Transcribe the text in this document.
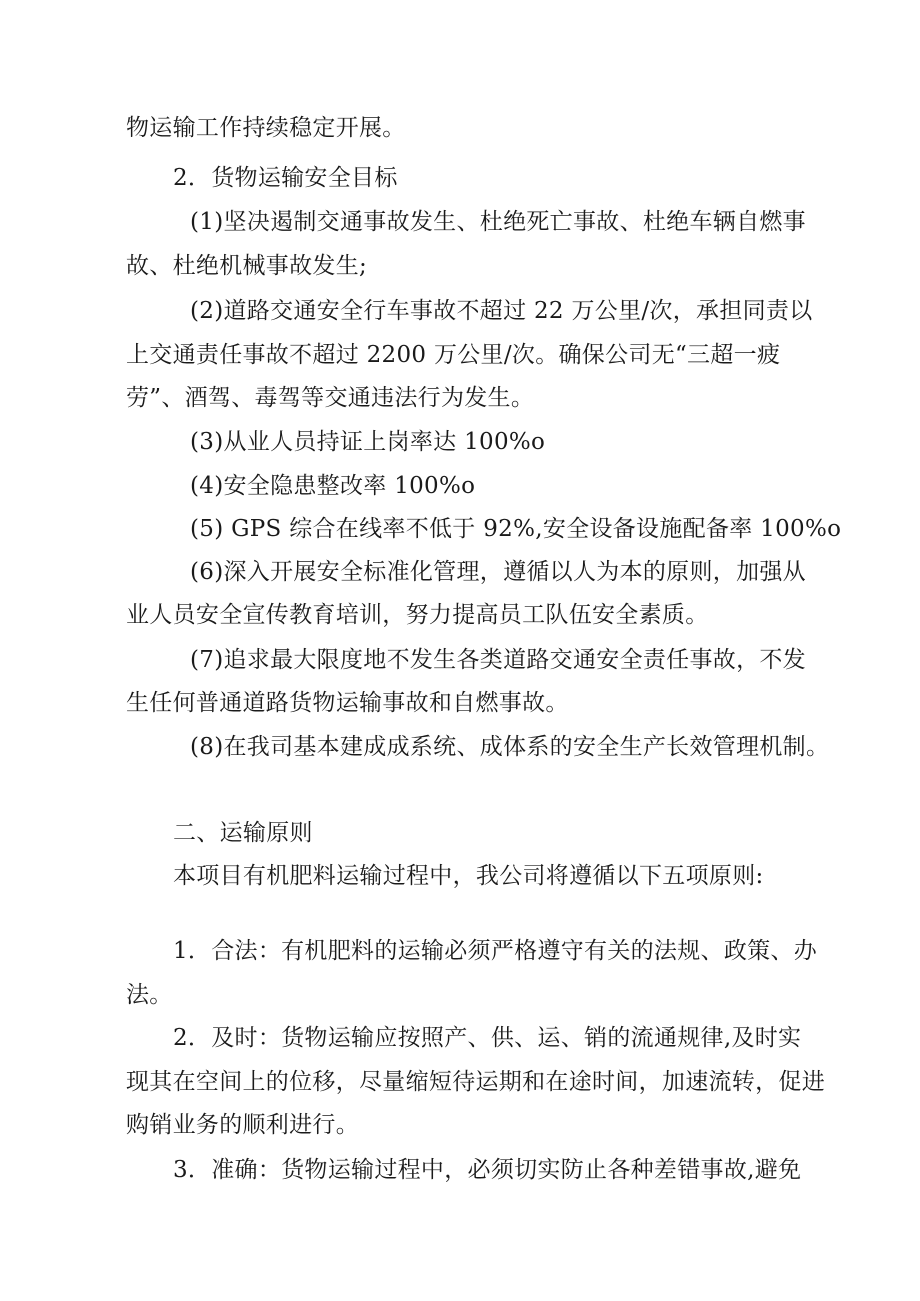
物运输工作持续稳定开展。
2．货物运输安全目标
(1)坚决遏制交通事故发生、杜绝死亡事故、杜绝车辆自燃事
故、杜绝机械事故发生;
(2)道路交通安全行车事故不超过 22 万公里/次，承担同责以
上交通责任事故不超过 2200 万公里/次。确保公司无“三超一疲
劳”、酒驾、毒驾等交通违法行为发生。
(3)从业人员持证上岗率达 100%o
(4)安全隐患整改率 100%o
(5) GPS 综合在线率不低于 92%,安全设备设施配备率 100%o
(6)深入开展安全标准化管理，遵循以人为本的原则，加强从
业人员安全宣传教育培训，努力提高员工队伍安全素质。
(7)追求最大限度地不发生各类道路交通安全责任事故，不发
生任何普通道路货物运输事故和自燃事故。
(8)在我司基本建成成系统、成体系的安全生产长效管理机制。
二、运输原则
本项目有机肥料运输过程中，我公司将遵循以下五项原则:
1．合法：有机肥料的运输必须严格遵守有关的法规、政策、办
法。
2．及时：货物运输应按照产、供、运、销的流通规律,及时实
现其在空间上的位移，尽量缩短待运期和在途时间，加速流转，促进
购销业务的顺利进行。
3．准确：货物运输过程中，必须切实防止各种差错事故,避免
